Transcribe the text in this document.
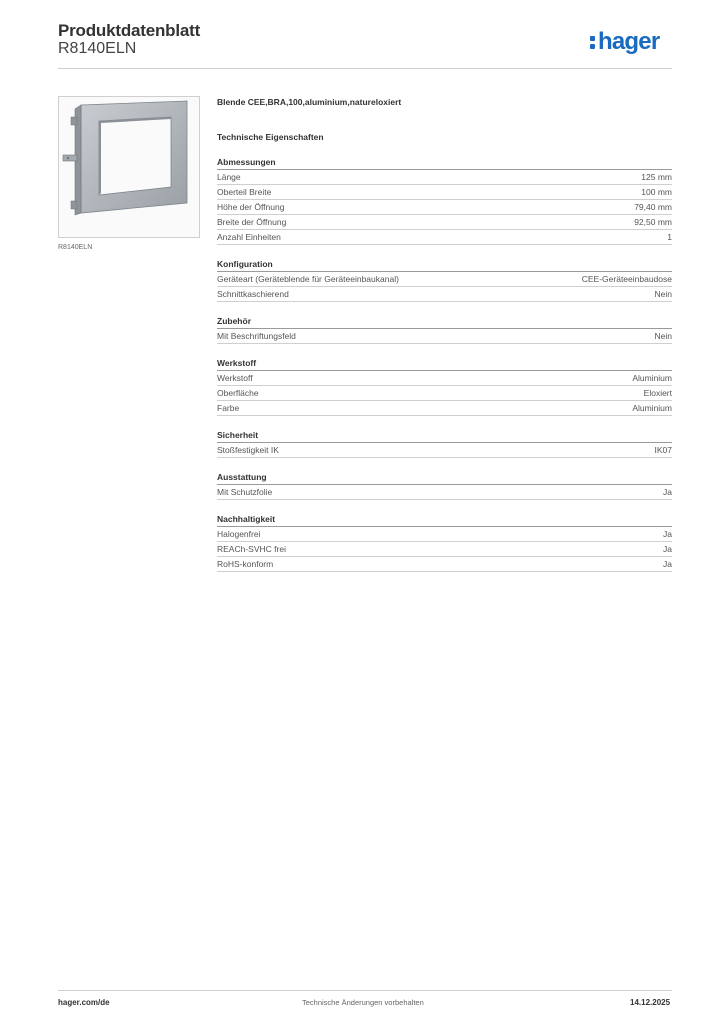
Produktdatenblatt
R8140ELN	hager
R8140ELN
Blende CEE,BRA,100,aluminium,natureloxiert
Technische Eigenschaften
Abmessungen
Länge	125 mm
Oberteil Breite	100 mm
Höhe der Öffnung	79,40 mm
Breite der Öffnung	92,50 mm
Anzahl Einheiten	1
Konfiguration
Geräteart (Geräteblende für Geräteeinbaukanal)	CEE-Geräteeinbaudose
Schnittkaschierend	Nein
Zubehör
Mit Beschriftungsfeld	Nein
Werkstoff
Werkstoff	Aluminium
Oberfläche	Eloxiert
Farbe	Aluminium
Sicherheit
Stoßfestigkeit IK	IK07
Ausstattung
Mit Schutzfolie	Ja
Nachhaltigkeit
Halogenfrei	Ja
REACh-SVHC frei	Ja
RoHS-konform	Ja
hager.com/de	Technische Änderungen vorbehalten	14.12.2025
